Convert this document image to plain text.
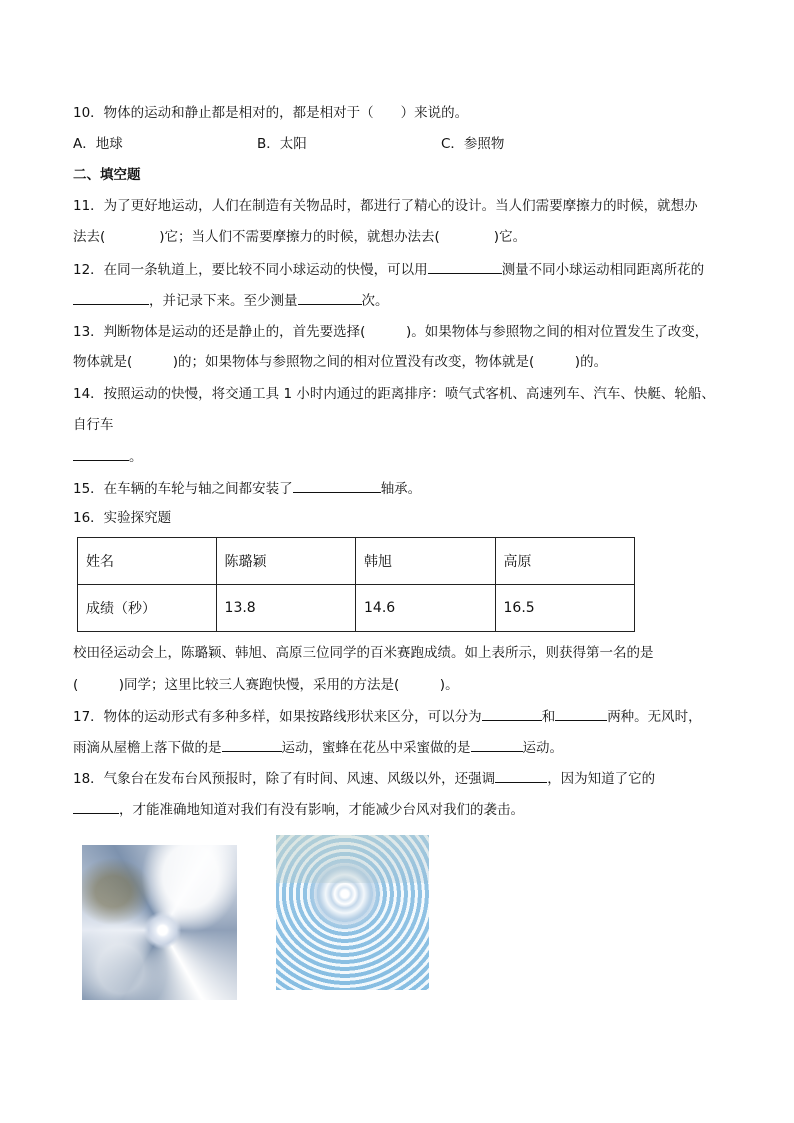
10．物体的运动和静止都是相对的，都是相对于（　　）来说的。
A．地球	B．太阳	C．参照物
二、填空题
11．为了更好地运动，人们在制造有关物品时，都进行了精心的设计。当人们需要摩擦力的时候，就想办
法去(　　　　)它；当人们不需要摩擦力的时候，就想办法去(　　　　)它。
12．在同一条轨道上，要比较不同小球运动的快慢，可以用	测量不同小球运动相同距离所花的
，并记录下来。至少测量	次。
13．判断物体是运动的还是静止的，首先要选择(　　　)。如果物体与参照物之间的相对位置发生了改变，
物体就是(　　　)的；如果物体与参照物之间的相对位置没有改变，物体就是(　　　)的。
14．按照运动的快慢，将交通工具 1 小时内通过的距离排序：喷气式客机、高速列车、汽车、快艇、轮船、
自行车
。
15．在车辆的车轮与轴之间都安装了	轴承。
16．实验探究题
姓名	陈璐颖	韩旭	高原
成绩（秒）	13.8	14.6	16.5
校田径运动会上，陈璐颖、韩旭、高原三位同学的百米赛跑成绩。如上表所示，则获得第一名的是
(　　　)同学；这里比较三人赛跑快慢，采用的方法是(　　　)。
17．物体的运动形式有多种多样，如果按路线形状来区分，可以分为	和	两种。无风时，
雨滴从屋檐上落下做的是	运动，蜜蜂在花丛中采蜜做的是	运动。
18．气象台在发布台风预报时，除了有时间、风速、风级以外，还强调	，因为知道了它的
，才能准确地知道对我们有没有影响，才能减少台风对我们的袭击。
